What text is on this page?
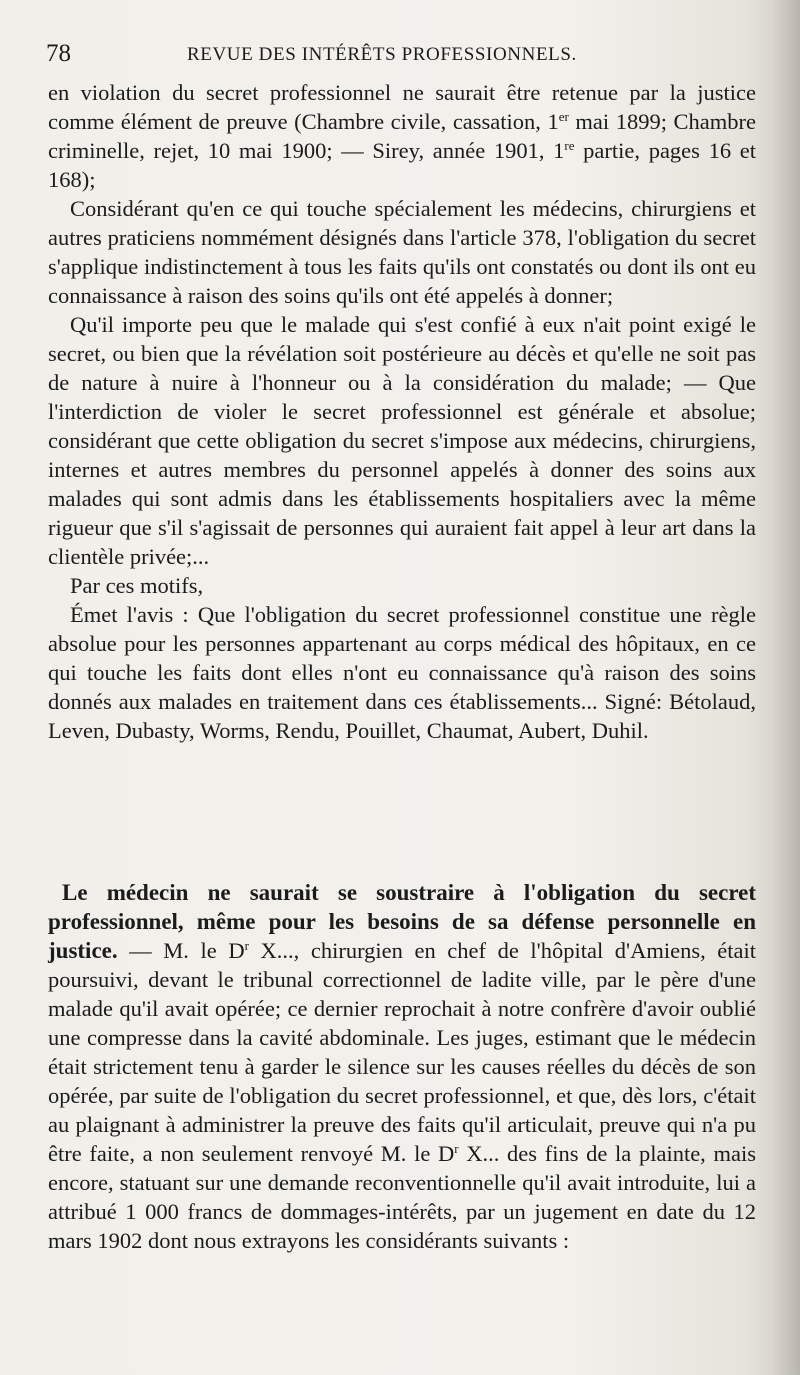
78	REVUE DES INTÉRÊTS PROFESSIONNELS.

en violation du secret professionnel ne saurait être retenue par la justice comme élément de preuve (Chambre civile, cassation, 1er mai 1899; Chambre criminelle, rejet, 10 mai 1900; — Sirey, année 1901, 1re partie, pages 16 et 168);

Considérant qu'en ce qui touche spécialement les médecins, chirurgiens et autres praticiens nommément désignés dans l'article 378, l'obligation du secret s'applique indistinctement à tous les faits qu'ils ont constatés ou dont ils ont eu connaissance à raison des soins qu'ils ont été appelés à donner;

Qu'il importe peu que le malade qui s'est confié à eux n'ait point exigé le secret, ou bien que la révélation soit postérieure au décès et qu'elle ne soit pas de nature à nuire à l'honneur ou à la considération du malade; — Que l'interdiction de violer le secret professionnel est générale et absolue; considérant que cette obligation du secret s'impose aux médecins, chirurgiens, internes et autres membres du personnel appelés à donner des soins aux malades qui sont admis dans les établissements hospitaliers avec la même rigueur que s'il s'agissait de personnes qui auraient fait appel à leur art dans la clientèle privée;...

Par ces motifs,

Émet l'avis : Que l'obligation du secret professionnel constitue une règle absolue pour les personnes appartenant au corps médical des hôpitaux, en ce qui touche les faits dont elles n'ont eu connaissance qu'à raison des soins donnés aux malades en traitement dans ces établissements... Signé: Bétolaud, Leven, Dubasty, Worms, Rendu, Pouillet, Chaumat, Aubert, Duhil.

Le médecin ne saurait se soustraire à l'obligation du secret professionnel, même pour les besoins de sa défense personnelle en justice. — M. le $D^r$ X..., chirurgien en chef de l'hôpital d'Amiens, était poursuivi, devant le tribunal correctionnel de ladite ville, par le père d'une malade qu'il avait opérée; ce dernier reprochait à notre confrère d'avoir oublié une compresse dans la cavité abdominale. Les juges, estimant que le médecin était strictement tenu à garder le silence sur les causes réelles du décès de son opérée, par suite de l'obligation du secret professionnel, et que, dès lors, c'était au plaignant à administrer la preuve des faits qu'il articulait, preuve qui n'a pu être faite, a non seulement renvoyé M. le $D^r$ X... des fins de la plainte, mais encore, statuant sur une demande reconventionnelle qu'il avait introduite, lui a attribué 1 000 francs de dommages-intérêts, par un jugement en date du 12 mars 1902 dont nous extrayons les considérants suivants :
